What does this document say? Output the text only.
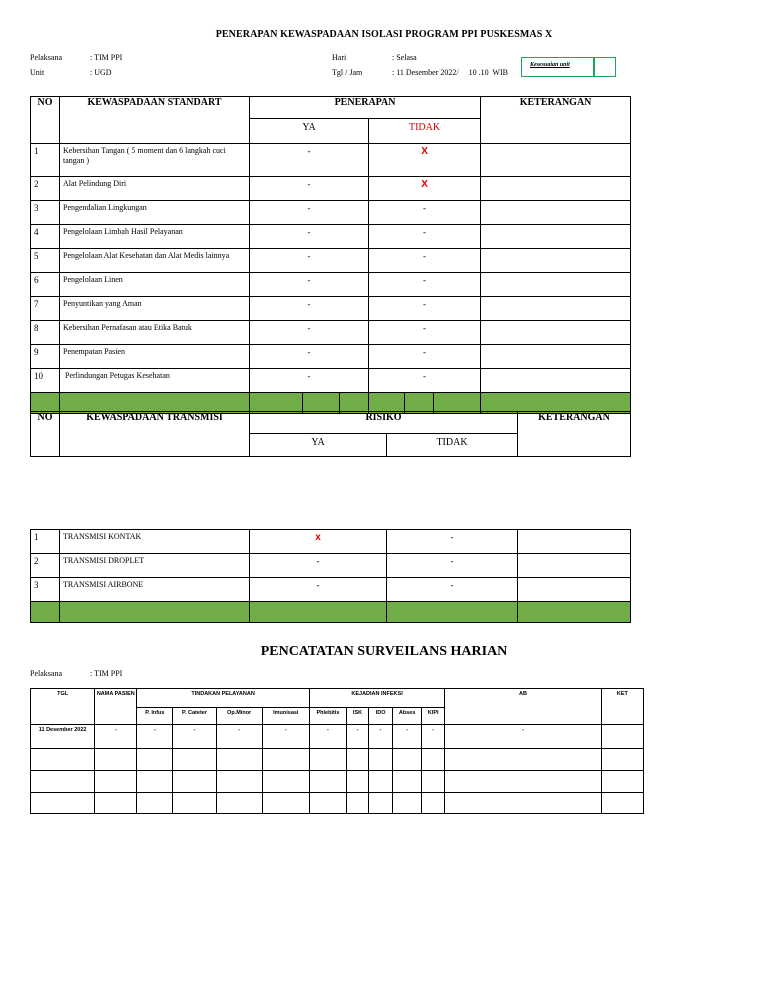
PENERAPAN KEWASPADAAN ISOLASI PROGRAM PPI PUSKESMAS X
Pelaksana	: TIM PPI
Unit	: UGD
Hari	: Selasa
Tgl / Jam	: 11 Desember 2022/     10 .10  WIB
Kesesuaian unit
NO	KEWASPADAAN STANDART	PENERAPAN						KETERANGAN
		YA			TIDAK			
1	Kebersihan Tangan ( 5 moment dan 6 langkah cuci tangan )	-			X			
2	Alat Pelindung Diri	-			X			
3	Pengendalian Lingkungan	-			-			
4	Pengelolaan Limbah Hasil Pelayanan	-			-			
5	Pengelolaan Alat Kesehatan dan Alat Medis lainnya	-			-			
6	Pengelolaan Linen	-			-			
7	Penyuntikan yang Aman	-			-			
8	Kebersihan Pernafasan atau Etika Batuk	-			-			
9	Penempatan Pasien	-			-			
10	Perlindungan Petugas Kesehatan	-			-			

NO	KEWASPADAAN TRANSMISI	RISIKO		KETERANGAN
		YA	TIDAK	
1	TRANSMISI KONTAK	x	-	
2	TRANSMISI DROPLET	-	-	
3	TRANSMISI AIRBONE	-	-	

PENCATATAN SURVEILANS HARIAN
Pelaksana	: TIM PPI
TGL	NAMA PASIEN	TINDAKAN PELAYANAN				KEJADIAN INFEKSI					AB	KET
		P. Infus	P. Cateter	Op.Minor	Imunisasi	Phlebitis	ISK	IDO	Abses	KIPI		
11 Desember 2022	-	-	-	-	-	-	-	-	-	-	-	
